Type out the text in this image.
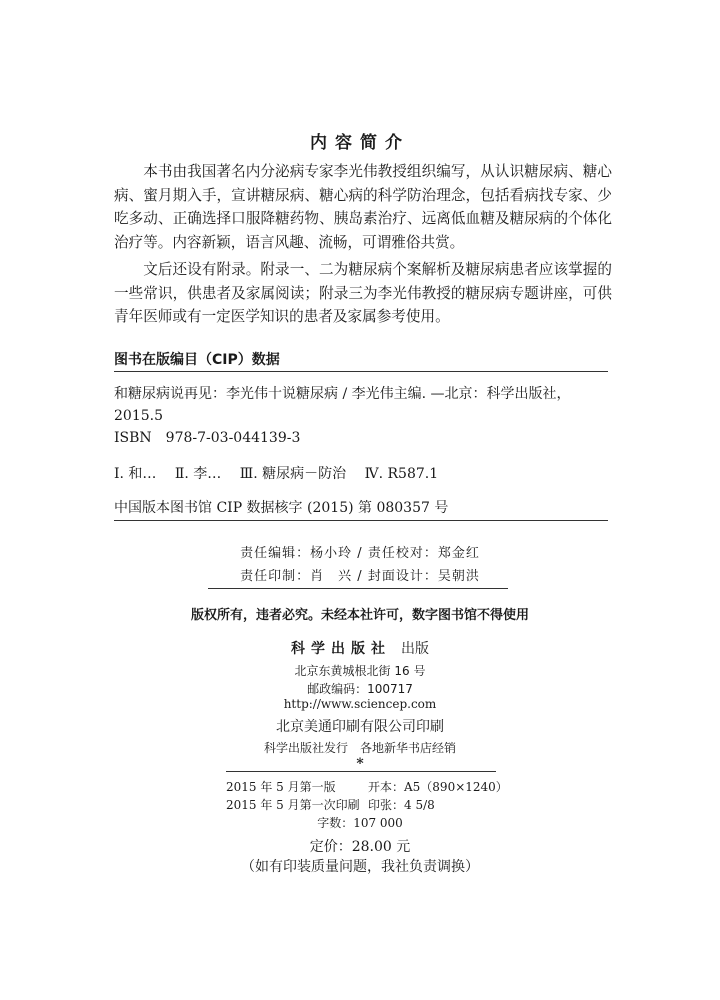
内容简介

本书由我国著名内分泌病专家李光伟教授组织编写，从认识糖尿病、糖心病、蜜月期入手，宣讲糖尿病、糖心病的科学防治理念，包括看病找专家、少吃多动、正确选择口服降糖药物、胰岛素治疗、远离低血糖及糖尿病的个体化治疗等。内容新颖，语言风趣、流畅，可谓雅俗共赏。

文后还设有附录。附录一、二为糖尿病个案解析及糖尿病患者应该掌握的一些常识，供患者及家属阅读；附录三为李光伟教授的糖尿病专题讲座，可供青年医师或有一定医学知识的患者及家属参考使用。

图书在版编目（CIP）数据
和糖尿病说再见：李光伟十说糖尿病 / 李光伟主编. —北京：科学出版社，
2015.5
ISBN　978-7-03-044139-3
Ⅰ. 和… Ⅱ. 李… Ⅲ. 糖尿病－防治 Ⅳ. R587.1
中国版本图书馆 CIP 数据核字 (2015) 第 080357 号
责任编辑：杨小玲 / 责任校对：郑金红
责任印制：肖　兴 / 封面设计：吴朝洪
版权所有，违者必究。未经本社许可，数字图书馆不得使用
科学出版社 出版
北京东黄城根北街 16 号
邮政编码：100717
http://www.sciencep.com
北京美通印刷有限公司印刷
科学出版社发行　各地新华书店经销
*
2015 年 5 月第一版	开本：A5（890×1240）
2015 年 5 月第一次印刷 印张：4 5/8
字数：107 000
定价：28.00 元
（如有印装质量问题，我社负责调换）
